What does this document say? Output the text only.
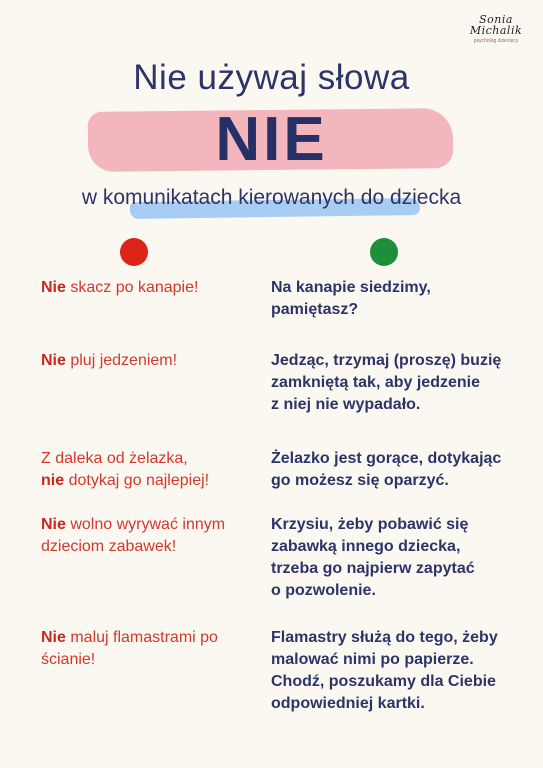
Sonia
Michalik
psycholog dziecięcy
Nie używaj słowa
NIE
w komunikatach kierowanych do dziecka
Nie skacz po kanapie!	Na kanapie siedzimy,
pamiętasz?
Nie pluj jedzeniem!	Jedząc, trzymaj (proszę) buzię
zamkniętą tak, aby jedzenie
z niej nie wypadało.
Z daleka od żelazka,
nie dotykaj go najlepiej!
Żelazko jest gorące, dotykając
go możesz się oparzyć.
Nie wolno wyrywać innym
dzieciom zabawek!
Krzysiu, żeby pobawić się
zabawką innego dziecka,
trzeba go najpierw zapytać
o pozwolenie.
Nie maluj flamastrami po
ścianie!
Flamastry służą do tego, żeby
malować nimi po papierze.
Chodź, poszukamy dla Ciebie
odpowiedniej kartki.
